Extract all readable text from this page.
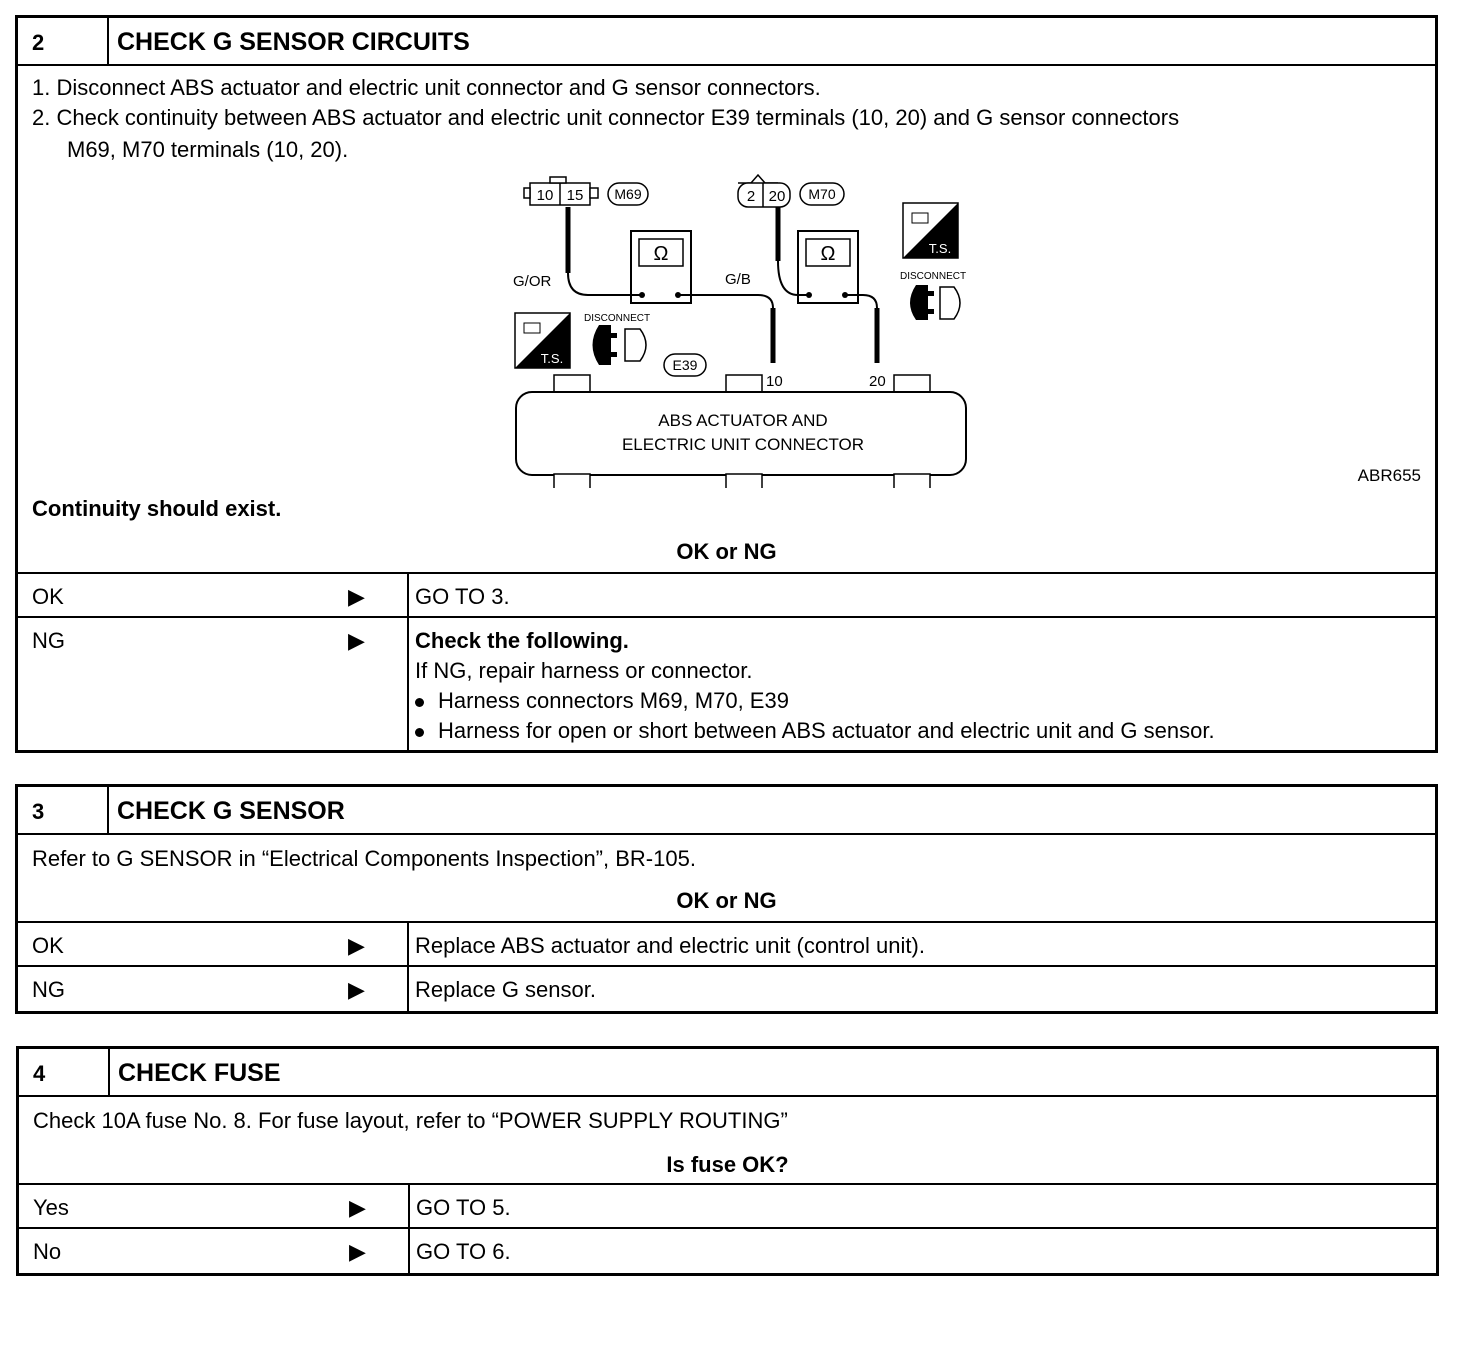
2	CHECK G SENSOR CIRCUITS
1. Disconnect ABS actuator and electric unit connector and G sensor connectors.
2. Check continuity between ABS actuator and electric unit connector E39 terminals (10, 20) and G sensor connectors
M69, M70 terminals (10, 20).
10 15 M69	2 20 M70
G/OR	G/B
Ω	Ω	T.S.
DISCONNECT
T.S.
DISCONNECT
E39
10	20
ABS ACTUATOR AND
ELECTRIC UNIT CONNECTOR
ABR655
Continuity should exist.
OK or NG
OK	▶ GO TO 3.
NG	▶ Check the following.
If NG, repair harness or connector.
Harness connectors M69, M70, E39
Harness for open or short between ABS actuator and electric unit and G sensor.
3	CHECK G SENSOR
Refer to G SENSOR in “Electrical Components Inspection”, BR-105.
OK or NG
OK	▶ Replace ABS actuator and electric unit (control unit).
NG	▶ Replace G sensor.
4	CHECK FUSE
Check 10A fuse No. 8. For fuse layout, refer to “POWER SUPPLY ROUTING”
Is fuse OK?
Yes	▶ GO TO 5.
No	▶ GO TO 6.
